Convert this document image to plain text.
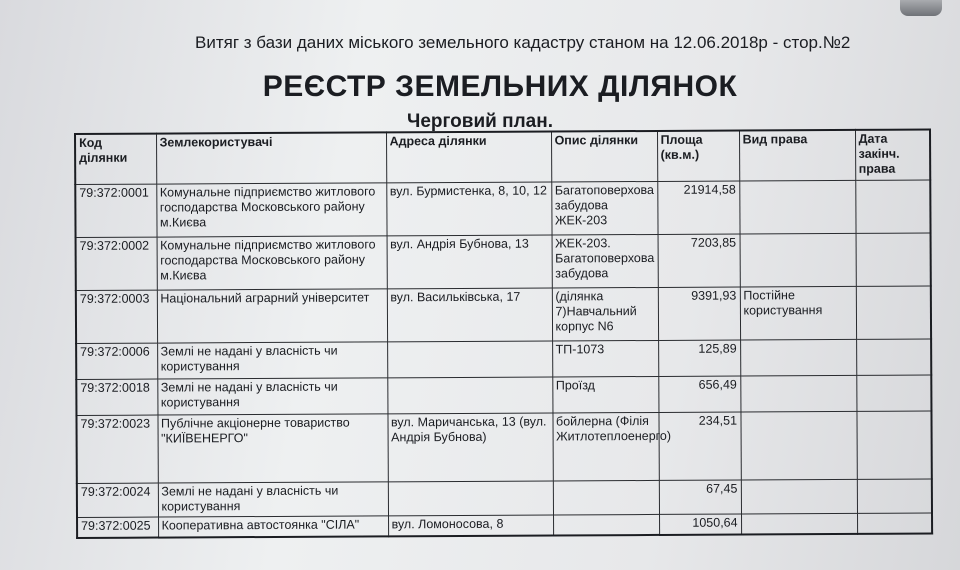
Витяг з бази даних міського земельного кадастру станом на 12.06.2018р - стор.№2
РЕЄСТР ЗЕМЕЛЬНИХ ДІЛЯНОК
Черговий план.
Код ділянки	Землекористувачі	Адреса ділянки	Опис ділянки	Площа (кв.м.)	Вид права	Дата закінч. права
79:372:0001	Комунальне підприємство житлового господарства Московського району м.Києва	вул. Бурмистенка, 8, 10, 12	Багатоповерхова забудова ЖЕК-203	21914,58		
79:372:0002	Комунальне підприємство житлового господарства Московського району м.Києва	вул. Андрія Бубнова, 13	ЖЕК-203. Багатоповерхова забудова	7203,85		
79:372:0003	Національний аграрний університет	вул. Васильківська, 17	(ділянка 7)Навчальний корпус N6	9391,93	Постійне користування	
79:372:0006	Землі не надані у власність чи користування		ТП-1073	125,89		
79:372:0018	Землі не надані у власність чи користування		Проїзд	656,49		
79:372:0023	Публічне акціонерне товариство "КИЇВЕНЕРГО"	вул. Маричанська, 13 (вул. Андрія Бубнова)	бойлерна (Філія Житлотеплоенерго)	234,51		
79:372:0024	Землі не надані у власність чи користування			67,45		
79:372:0025	Кооперативна автостоянка "СІЛА"	вул. Ломоносова, 8		1050,64		
